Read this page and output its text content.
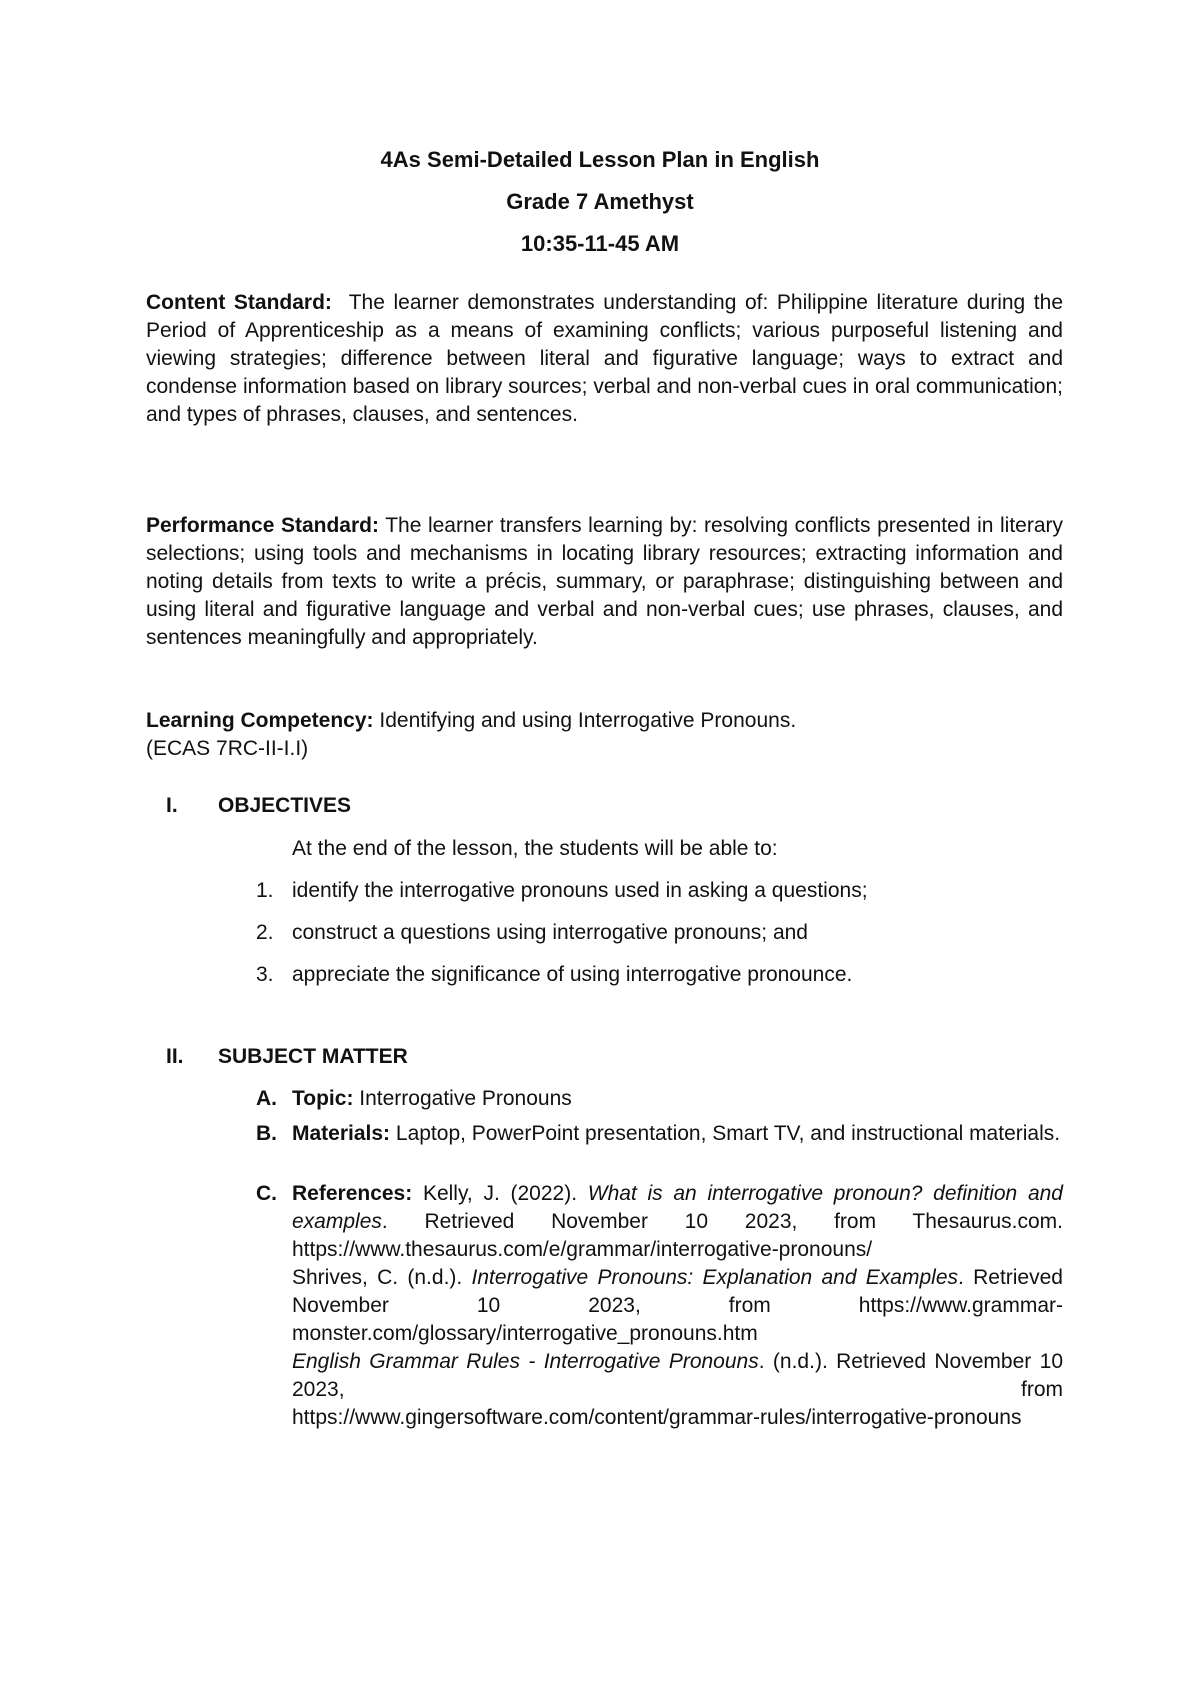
4As Semi-Detailed Lesson Plan in English
Grade 7 Amethyst
10:35-11-45 AM
Content Standard: The learner demonstrates understanding of: Philippine literature during the Period of Apprenticeship as a means of examining conflicts; various purposeful listening and viewing strategies; difference between literal and figurative language; ways to extract and condense information based on library sources; verbal and non-verbal cues in oral communication; and types of phrases, clauses, and sentences.
Performance Standard: The learner transfers learning by: resolving conflicts presented in literary selections; using tools and mechanisms in locating library resources; extracting information and noting details from texts to write a précis, summary, or paraphrase; distinguishing between and using literal and figurative language and verbal and non-verbal cues; use phrases, clauses, and sentences meaningfully and appropriately.
Learning Competency: Identifying and using Interrogative Pronouns.
(ECAS 7RC-II-I.I)
I. OBJECTIVES
At the end of the lesson, the students will be able to:
1. identify the interrogative pronouns used in asking a questions;
2. construct a questions using interrogative pronouns; and
3. appreciate the significance of using interrogative pronounce.
II. SUBJECT MATTER
A. Topic: Interrogative Pronouns
B. Materials: Laptop, PowerPoint presentation, Smart TV, and instructional materials.
C. References: Kelly, J. (2022). What is an interrogative pronoun? definition and examples. Retrieved November 10 2023, from Thesaurus.com. https://www.thesaurus.com/e/grammar/interrogative-pronouns/
Shrives, C. (n.d.). Interrogative Pronouns: Explanation and Examples. Retrieved November 10 2023, from https://www.grammar-monster.com/glossary/interrogative_pronouns.htm
English Grammar Rules - Interrogative Pronouns. (n.d.). Retrieved November 10 2023, from
https://www.gingersoftware.com/content/grammar-rules/interrogative-pronouns
